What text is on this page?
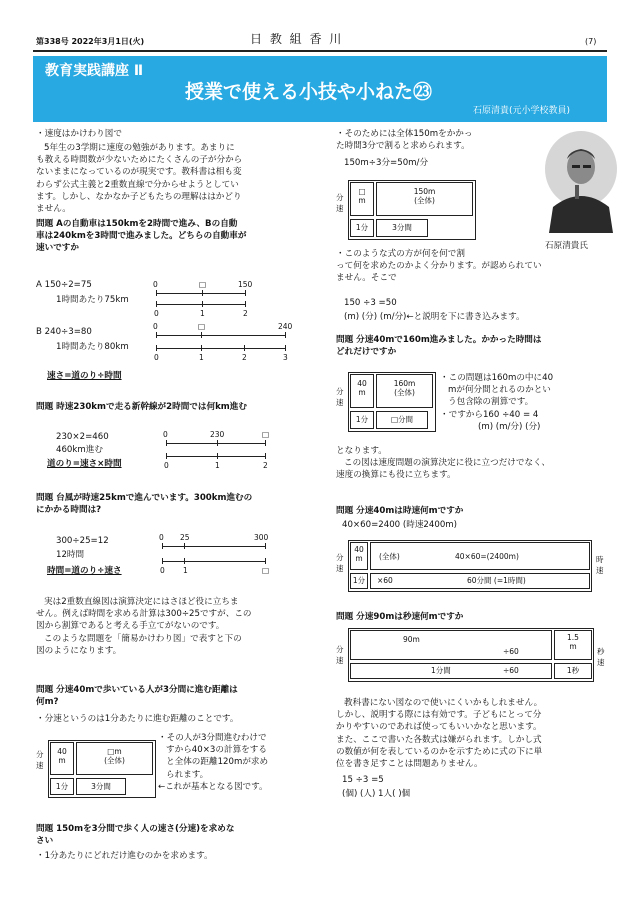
第338号 2022年3月1日(火)	日 教 組 香 川	(7)
教育実践講座 Ⅱ
授業で使える小技や小ねた㉓
石原清貴(元小学校教員)
・速度はかけわり図で
5年生の3学期に速度の勉強があります。あまりに
も教える時間数が少ないためにたくさんの子が分から
ないままになっているのが現実です。教科書は相も変
わらず公式主義と2重数直線で分からせようとしてい
ます。しかし、なかなか子どもたちの理解ははかどり
ません。
問題 Aの自動車は150kmを2時間で進み、Bの自動
車は240kmを3時間で進みました。どちらの自動車が
速いですか
A 150÷2=75
1時間あたり75km
0	□	150
0	1	2
B 240÷3=80
1時間あたり80km
0	□	240
0	1	2	3
速さ=道のり÷時間
問題 時速230kmで走る新幹線が2時間では何km進む
230×2=460
460km進む
0	230	□
0	1	2
道のり=速さ×時間
問題 台風が時速25kmで進んでいます。300km進むの
にかかる時間は?
300÷25=12
12時間
0 25	300
0 1	□
時間=道のり÷速さ
実は2重数直線図は演算決定にはさほど役に立ちま
せん。例えば時間を求める計算は300÷25ですが、この
図から割算であると考える手立てがないのです。
このような問題を「簡易かけわり図」で表すと下の
図のようになります。
問題 分速40mで歩いている人が3分間に進む距離は
何m?
・分速というのは1分あたりに進む距離のことです。
分速
40
m
□m
(全体)
1分	3分間
・その人が3分間進むわけで
すから40×3の計算をする
と全体の距離120mが求め
られます。
←これが基本となる図です。
問題 150mを3分間で歩く人の速さ(分速)を求めな
さい
・1分あたりにどれだけ進むのかを求めます。
・そのためには全体150mをかかっ
た時間3分で割ると求められます。
150m÷3分=50m/分
分速
□
m
150m
(全体)
1分	3分間
石原清貴氏
・このような式の方が何を何で割
って何を求めたのかよく分かります。が認められてい
ません。そこで
150 ÷3 =50
(m) (分) (m/分)←と説明を下に書き込みます。
問題 分速40mで160m進みました。かかった時間は
どれだけですか
分速
40
m
160m
(全体)
1分	□分間
・この問題は160mの中に40
mが何分間とれるのかとい
う包含除の割算です。
・ですから160 ÷40 = 4
(m) (m/分) (分)
となります。
この図は速度問題の演算決定に役に立つだけでなく、
速度の換算にも役に立ちます。
問題 分速40mは時速何mですか
40×60=2400 (時速2400m)
分速
40
m	(全体)	40×60=(2400m)
1分	×60	60分間 (=1時間)
時速
問題 分速90mは秒速何mですか
分速
90m
÷60
1.5
m
1分間	÷60	1秒
秒速
教科書にない図なので使いにくいかもしれません。
しかし、説明する際には有効です。子どもにとって分
かりやすいのであれば使ってもいいかなと思います。
また、ここで書いた各数式は嫌がられます。しかし式
の数値が何を表しているのかを示すために式の下に単
位を書き足すことは問題ありません。
15 ÷3 =5
(個) (人) 1人( )個
